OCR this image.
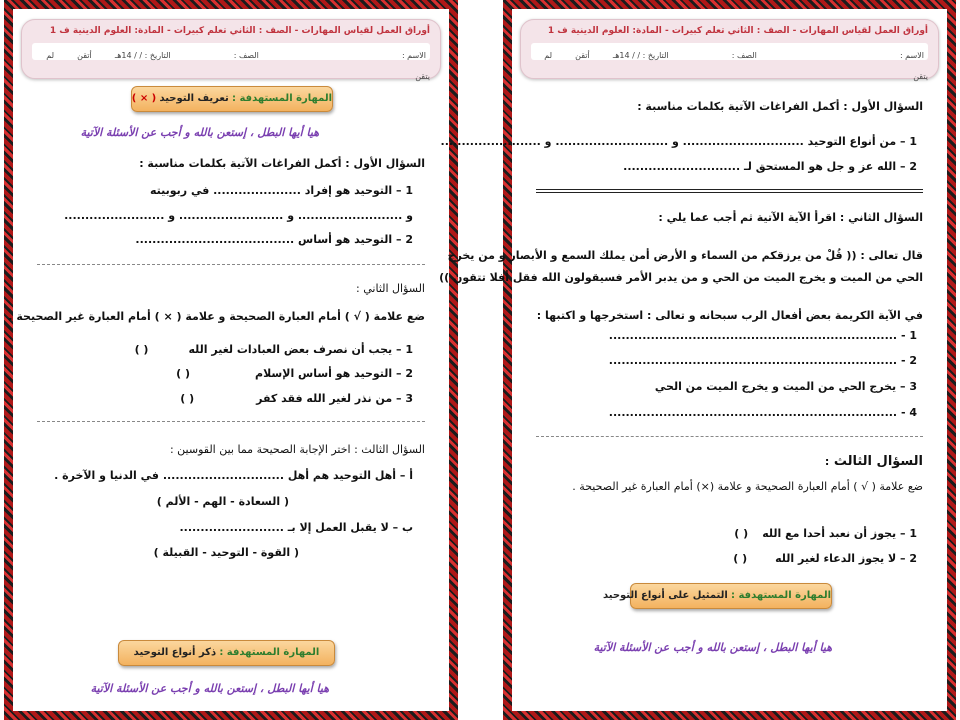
أوراق العمل لقياس المهارات - الصف : الثاني تعلم كبيرات - المادة: العلوم الدينية ف 1
الاسم : الصف : التاريخ : / / 14هـ أتقن لم يتقن
المهارة المستهدفة : تعريف التوحيد ( × )
هيا أيها البطل ، إستعن بالله و أجب عن الأسئلة الآتية
السؤال الأول : أكمل الفراغات الآتية بكلمات مناسبة :
1 – التوحيد هو إفراد ..................... في ربوبيته
و ......................... و ......................... و ........................
2 – التوحيد هو أساس ......................................
السؤال الثاني :
ضع علامة ( √ ) أمام العبارة الصحيحة و علامة ( × ) أمام العبارة غير الصحيحة .
1 – يجب أن نصرف بعض العبادات لغير الله( )
2 – التوحيد هو أساس الإسلام( )
3 – من نذر لغير الله فقد كفر( )
السؤال الثالث : اختر الإجابة الصحيحة مما بين القوسين :
أ – أهل التوحيد هم أهل ............................. في الدنيا و الآخرة .
( السعادة - الهم - الألم )
ب – لا يقبل العمل إلا بـ .........................
( القوة - التوحيد - القبيلة )
المهارة المستهدفة : ذكر أنواع التوحيد
هيا أيها البطل ، إستعن بالله و أجب عن الأسئلة الآتية
أوراق العمل لقياس المهارات - الصف : الثاني تعلم كبيرات - المادة: العلوم الدينية ف 1
الاسم : الصف : التاريخ : / / 14هـ أتقن لم يتقن
السؤال الأول : أكمل الفراغات الآتية بكلمات مناسبة :
1 – من أنواع التوحيد ............................. و ........................... و ........................
2 – الله عز و جل هو المستحق لـ ............................
السؤال الثاني : اقرأ الآية الآتية ثم أجب عما يلي :
قال تعالى : (( قُلْ من يرزقكم من السماء و الأرض أمن يملك السمع و الأبصار و من يخرج
الحي من الميت و يخرج الميت من الحي و من يدبر الأمر فسيقولون الله فقل أفلا تتقون ))
في الآية الكريمة بعض أفعال الرب سبحانه و تعالى : استخرجها و اكتبها :
1 - .....................................................................
2 - .....................................................................
3 – يخرج الحي من الميت و يخرج الميت من الحي
4 - .....................................................................
السؤال الثالث :
ضع علامة ( √ ) أمام العبارة الصحيحة و علامة (×) أمام العبارة غير الصحيحة .
1 – يجوز أن نعبد أحدا مع الله( )
2 – لا يجوز الدعاء لغير الله( )
المهارة المستهدفة : التمثيل على أنواع التوحيد
هيا أيها البطل ، إستعن بالله و أجب عن الأسئلة الآتية
